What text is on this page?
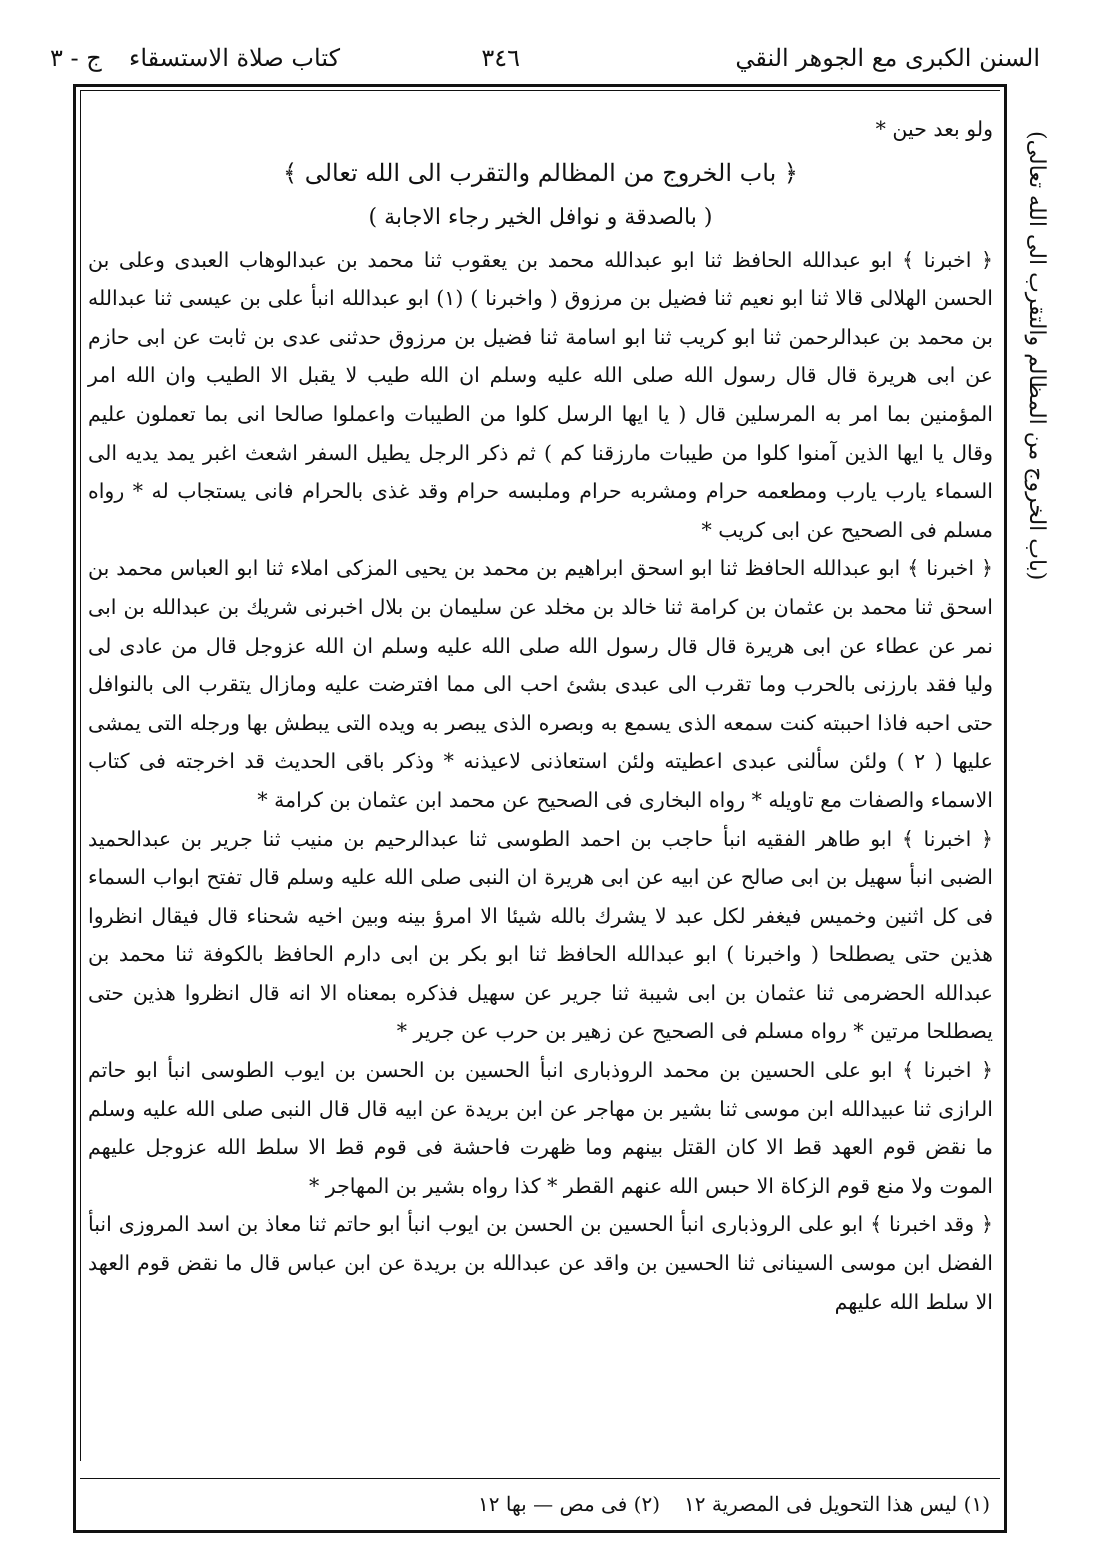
السنن الكبرى مع الجوهر النقي
٣٤٦
كتاب صلاة الاستسقاء
ج - ٣
(باب الخروج من المظالم والتقرب الى الله تعالى)

ولو بعد حين *

﴿ باب الخروج من المظالم والتقرب الى الله تعالى ﴾
( بالصدقة و نوافل الخير رجاء الاجابة )

﴿ اخبرنا ﴾ ابو عبدالله الحافظ ثنا ابو عبدالله محمد بن يعقوب ثنا محمد بن عبدالوهاب العبدى وعلى بن الحسن الهلالى قالا ثنا ابو نعيم ثنا فضيل بن مرزوق ( واخبرنا ) (١) ابو عبدالله انبأ على بن عيسى ثنا عبدالله بن محمد بن عبدالرحمن ثنا ابو كريب ثنا ابو اسامة ثنا فضيل بن مرزوق حدثنى عدى بن ثابت عن ابى حازم عن ابى هريرة قال قال رسول الله صلى الله عليه وسلم ان الله طيب لا يقبل الا الطيب وان الله امر المؤمنين بما امر به المرسلين قال ( يا ايها الرسل كلوا من الطيبات واعملوا صالحا انى بما تعملون عليم وقال يا ايها الذين آمنوا كلوا من طيبات مارزقنا كم ) ثم ذكر الرجل يطيل السفر اشعث اغبر يمد يديه الى السماء يارب يارب ومطعمه حرام ومشربه حرام وملبسه حرام وقد غذى بالحرام فانى يستجاب له * رواه مسلم فى الصحيح عن ابى كريب *

﴿ اخبرنا ﴾ ابو عبدالله الحافظ ثنا ابو اسحق ابراهيم بن محمد بن يحيى المزكى املاء ثنا ابو العباس محمد بن اسحق ثنا محمد بن عثمان بن كرامة ثنا خالد بن مخلد عن سليمان بن بلال اخبرنى شريك بن عبدالله بن ابى نمر عن عطاء عن ابى هريرة قال قال رسول الله صلى الله عليه وسلم ان الله عزوجل قال من عادى لى وليا فقد بارزنى بالحرب وما تقرب الى عبدى بشئ احب الى مما افترضت عليه ومازال يتقرب الى بالنوافل حتى احبه فاذا احببته كنت سمعه الذى يسمع به وبصره الذى يبصر به ويده التى يبطش بها ورجله التى يمشى عليها ( ٢ ) ولئن سألنى عبدى اعطيته ولئن استعاذنى لاعيذنه * وذكر باقى الحديث قد اخرجته فى كتاب الاسماء والصفات مع تاويله * رواه البخارى فى الصحيح عن محمد ابن عثمان بن كرامة *

﴿ اخبرنا ﴾ ابو طاهر الفقيه انبأ حاجب بن احمد الطوسى ثنا عبدالرحيم بن منيب ثنا جرير بن عبدالحميد الضبى انبأ سهيل بن ابى صالح عن ابيه عن ابى هريرة ان النبى صلى الله عليه وسلم قال تفتح ابواب السماء فى كل اثنين وخميس فيغفر لكل عبد لا يشرك بالله شيئا الا امرؤ بينه وبين اخيه شحناء قال فيقال انظروا هذين حتى يصطلحا ( واخبرنا ) ابو عبدالله الحافظ ثنا ابو بكر بن ابى دارم الحافظ بالكوفة ثنا محمد بن عبدالله الحضرمى ثنا عثمان بن ابى شيبة ثنا جرير عن سهيل فذكره بمعناه الا انه قال انظروا هذين حتى يصطلحا مرتين * رواه مسلم فى الصحيح عن زهير بن حرب عن جرير *

﴿ اخبرنا ﴾ ابو على الحسين بن محمد الروذبارى انبأ الحسين بن الحسن بن ايوب الطوسى انبأ ابو حاتم الرازى ثنا عبيدالله ابن موسى ثنا بشير بن مهاجر عن ابن بريدة عن ابيه قال قال النبى صلى الله عليه وسلم ما نقض قوم العهد قط الا كان القتل بينهم وما ظهرت فاحشة فى قوم قط الا سلط الله عزوجل عليهم الموت ولا منع قوم الزكاة الا حبس الله عنهم القطر * كذا رواه بشير بن المهاجر *

﴿ وقد اخبرنا ﴾ ابو على الروذبارى انبأ الحسين بن الحسن بن ايوب انبأ ابو حاتم ثنا معاذ بن اسد المروزى انبأ الفضل ابن موسى السينانى ثنا الحسين بن واقد عن عبدالله بن بريدة عن ابن عباس قال ما نقض قوم العهد الا سلط الله عليهم

(١) ليس هذا التحويل فى المصرية ١٢
(٢) فى مص — بها ١٢
